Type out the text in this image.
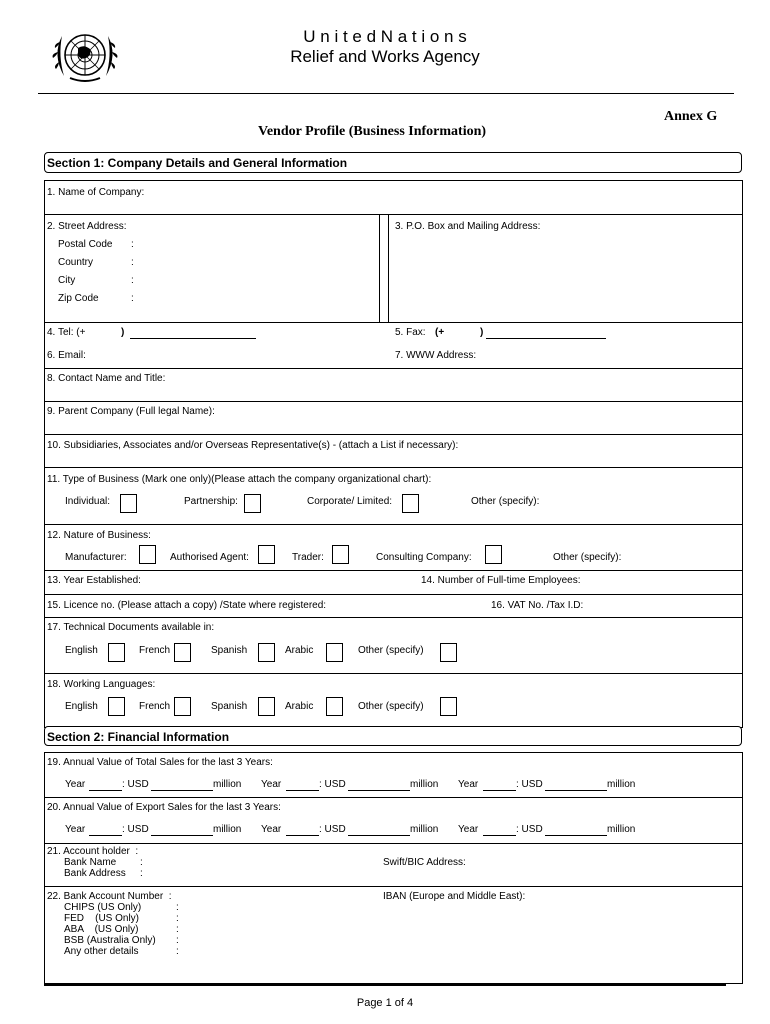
U n i t e d N a t i o n s
Relief and Works Agency
Annex G
Vendor Profile (Business Information)
Section 1: Company Details and General Information
1. Name of Company:
2. Street Address:
Postal Code :
Country	:
City	:
Zip Code	:
3. P.O. Box and Mailing Address:
4. Tel: (+	)	5. Fax: (+	)
6. Email:	7. WWW Address:
8. Contact Name and Title:
9. Parent Company (Full legal Name):
10. Subsidiaries, Associates and/or Overseas Representative(s) - (attach a List if necessary):
11. Type of Business (Mark one only)(Please attach the company organizational chart):
Individual:	Partnership:	Corporate/ Limited:	Other (specify):
12. Nature of Business:
Manufacturer:	Authorised Agent:	Trader:	Consulting Company:	Other (specify):
13. Year Established:	14. Number of Full-time Employees:
15. Licence no. (Please attach a copy) /State where registered:	16. VAT No. /Tax I.D:
17. Technical Documents available in:
English	French	Spanish	Arabic	Other (specify)
18. Working Languages:
English	French	Spanish	Arabic	Other (specify)
Section 2: Financial Information
19. Annual Value of Total Sales for the last 3 Years:
Year	: USD	million Year	: USD	million Year	: USD	million
20. Annual Value of Export Sales for the last 3 Years:
Year	: USD	million Year	: USD	million Year	: USD	million
21. Account holder  :
Bank Name :
Bank Address :
Swift/BIC Address:
22. Bank Account Number  :
CHIPS (US Only)	:
FED    (US Only)	:
ABA    (US Only)	:
BSB (Australia Only) :
Any other details	:
IBAN (Europe and Middle East):
Page 1 of 4
